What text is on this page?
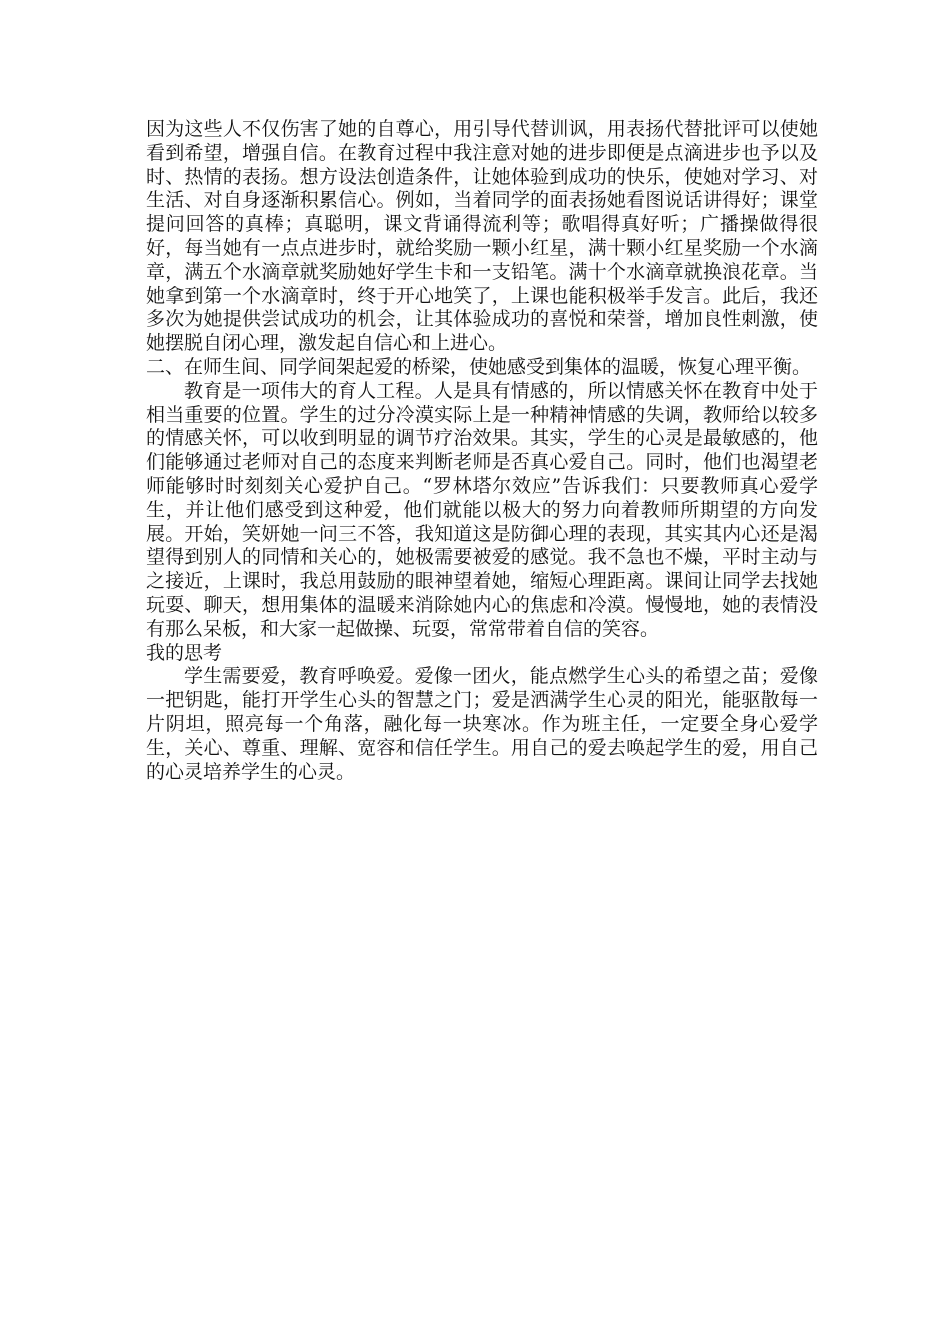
因为这些人不仅伤害了她的自尊心，用引导代替训讽，用表扬代替批评可以使她看到希望，增强自信。在教育过程中我注意对她的进步即便是点滴进步也予以及时、热情的表扬。想方设法创造条件，让她体验到成功的快乐，使她对学习、对生活、对自身逐渐积累信心。例如，当着同学的面表扬她看图说话讲得好；课堂提问回答的真棒；真聪明，课文背诵得流利等；歌唱得真好听；广播操做得很好，每当她有一点点进步时，就给奖励一颗小红星，满十颗小红星奖励一个水滴章，满五个水滴章就奖励她好学生卡和一支铅笔。满十个水滴章就换浪花章。当她拿到第一个水滴章时，终于开心地笑了，上课也能积极举手发言。此后，我还多次为她提供尝试成功的机会，让其体验成功的喜悦和荣誉，增加良性刺激，使她摆脱自闭心理，激发起自信心和上进心。

二、在师生间、同学间架起爱的桥梁，使她感受到集体的温暖，恢复心理平衡。

教育是一项伟大的育人工程。人是具有情感的，所以情感关怀在教育中处于相当重要的位置。学生的过分冷漠实际上是一种精神情感的失调，教师给以较多的情感关怀，可以收到明显的调节疗治效果。其实，学生的心灵是最敏感的，他们能够通过老师对自己的态度来判断老师是否真心爱自己。同时，他们也渴望老师能够时时刻刻关心爱护自己。“罗林塔尔效应”告诉我们：只要教师真心爱学生，并让他们感受到这种爱，他们就能以极大的努力向着教师所期望的方向发展。开始，笑妍她一问三不答，我知道这是防御心理的表现，其实其内心还是渴望得到别人的同情和关心的，她极需要被爱的感觉。我不急也不燥，平时主动与之接近，上课时，我总用鼓励的眼神望着她，缩短心理距离。课间让同学去找她玩耍、聊天，想用集体的温暖来消除她内心的焦虑和冷漠。慢慢地，她的表情没有那么呆板，和大家一起做操、玩耍，常常带着自信的笑容。

我的思考

学生需要爱，教育呼唤爱。爱像一团火，能点燃学生心头的希望之苗；爱像一把钥匙，能打开学生心头的智慧之门；爱是洒满学生心灵的阳光，能驱散每一片阴坦，照亮每一个角落，融化每一块寒冰。作为班主任，一定要全身心爱学生，关心、尊重、理解、宽容和信任学生。用自己的爱去唤起学生的爱，用自己的心灵培养学生的心灵。
